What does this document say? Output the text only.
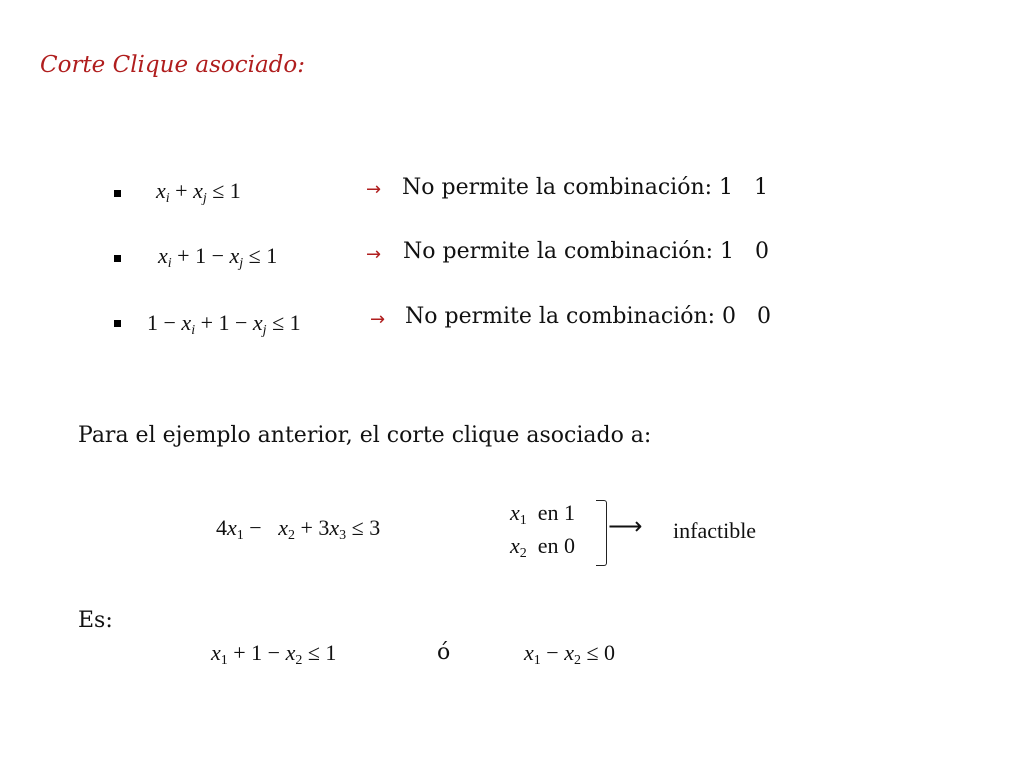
Corte Clique asociado:
$x_i + x_j \le 1$	→ No permite la combinación: 1   1
$x_i + 1 - x_j \le 1$	→ No permite la combinación: 1   0
$1 - x_i + 1 - x_j \le 1$	→ No permite la combinación: 0   0
Para el ejemplo anterior, el corte clique asociado a:
$4x_1 - x_2 + 3x_3 \le 3$
$x_1$ en 1
$x_2$ en 0
⟶ infactible
Es:
$x_1 + 1 - x_2 \le 1$	ó	$x_1 - x_2 \le 0$
